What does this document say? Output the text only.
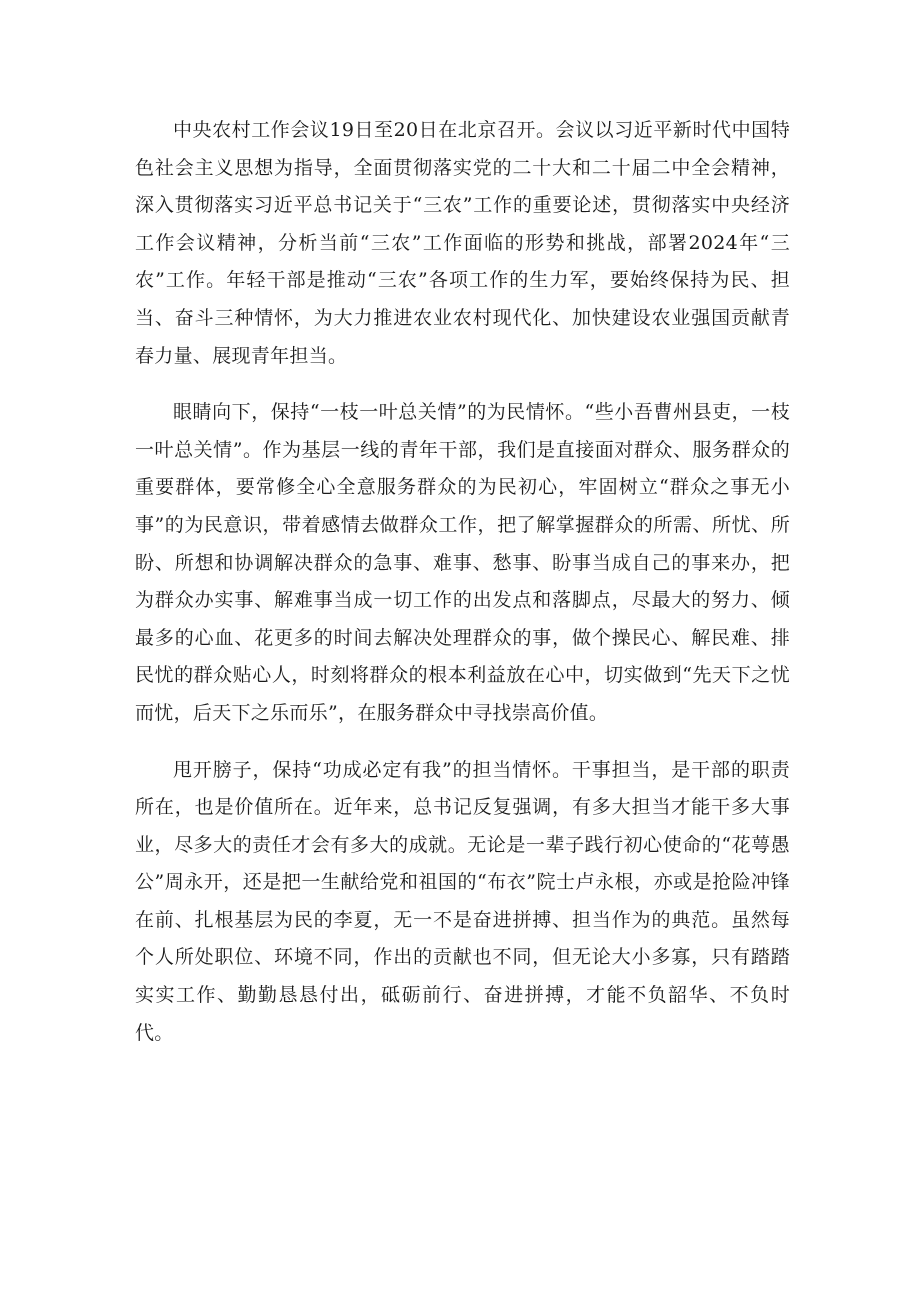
中央农村工作会议19日至20日在北京召开。会议以习近平新时代中国特色社会主义思想为指导，全面贯彻落实党的二十大和二十届二中全会精神，深入贯彻落实习近平总书记关于“三农”工作的重要论述，贯彻落实中央经济工作会议精神，分析当前“三农”工作面临的形势和挑战，部署2024年“三农”工作。年轻干部是推动“三农”各项工作的生力军，要始终保持为民、担当、奋斗三种情怀，为大力推进农业农村现代化、加快建设农业强国贡献青春力量、展现青年担当。

眼睛向下，保持“一枝一叶总关情”的为民情怀。“些小吾曹州县吏，一枝一叶总关情”。作为基层一线的青年干部，我们是直接面对群众、服务群众的重要群体，要常修全心全意服务群众的为民初心，牢固树立“群众之事无小事”的为民意识，带着感情去做群众工作，把了解掌握群众的所需、所忧、所盼、所想和协调解决群众的急事、难事、愁事、盼事当成自己的事来办，把为群众办实事、解难事当成一切工作的出发点和落脚点，尽最大的努力、倾最多的心血、花更多的时间去解决处理群众的事，做个操民心、解民难、排民忧的群众贴心人，时刻将群众的根本利益放在心中，切实做到“先天下之忧而忧，后天下之乐而乐”，在服务群众中寻找崇高价值。

甩开膀子，保持“功成必定有我”的担当情怀。干事担当，是干部的职责所在，也是价值所在。近年来，总书记反复强调，有多大担当才能干多大事业，尽多大的责任才会有多大的成就。无论是一辈子践行初心使命的“花萼愚公”周永开，还是把一生献给党和祖国的“布衣”院士卢永根，亦或是抢险冲锋在前、扎根基层为民的李夏，无一不是奋进拼搏、担当作为的典范。虽然每个人所处职位、环境不同，作出的贡献也不同，但无论大小多寡，只有踏踏实实工作、勤勤恳恳付出，砥砺前行、奋进拼搏，才能不负韶华、不负时代。
